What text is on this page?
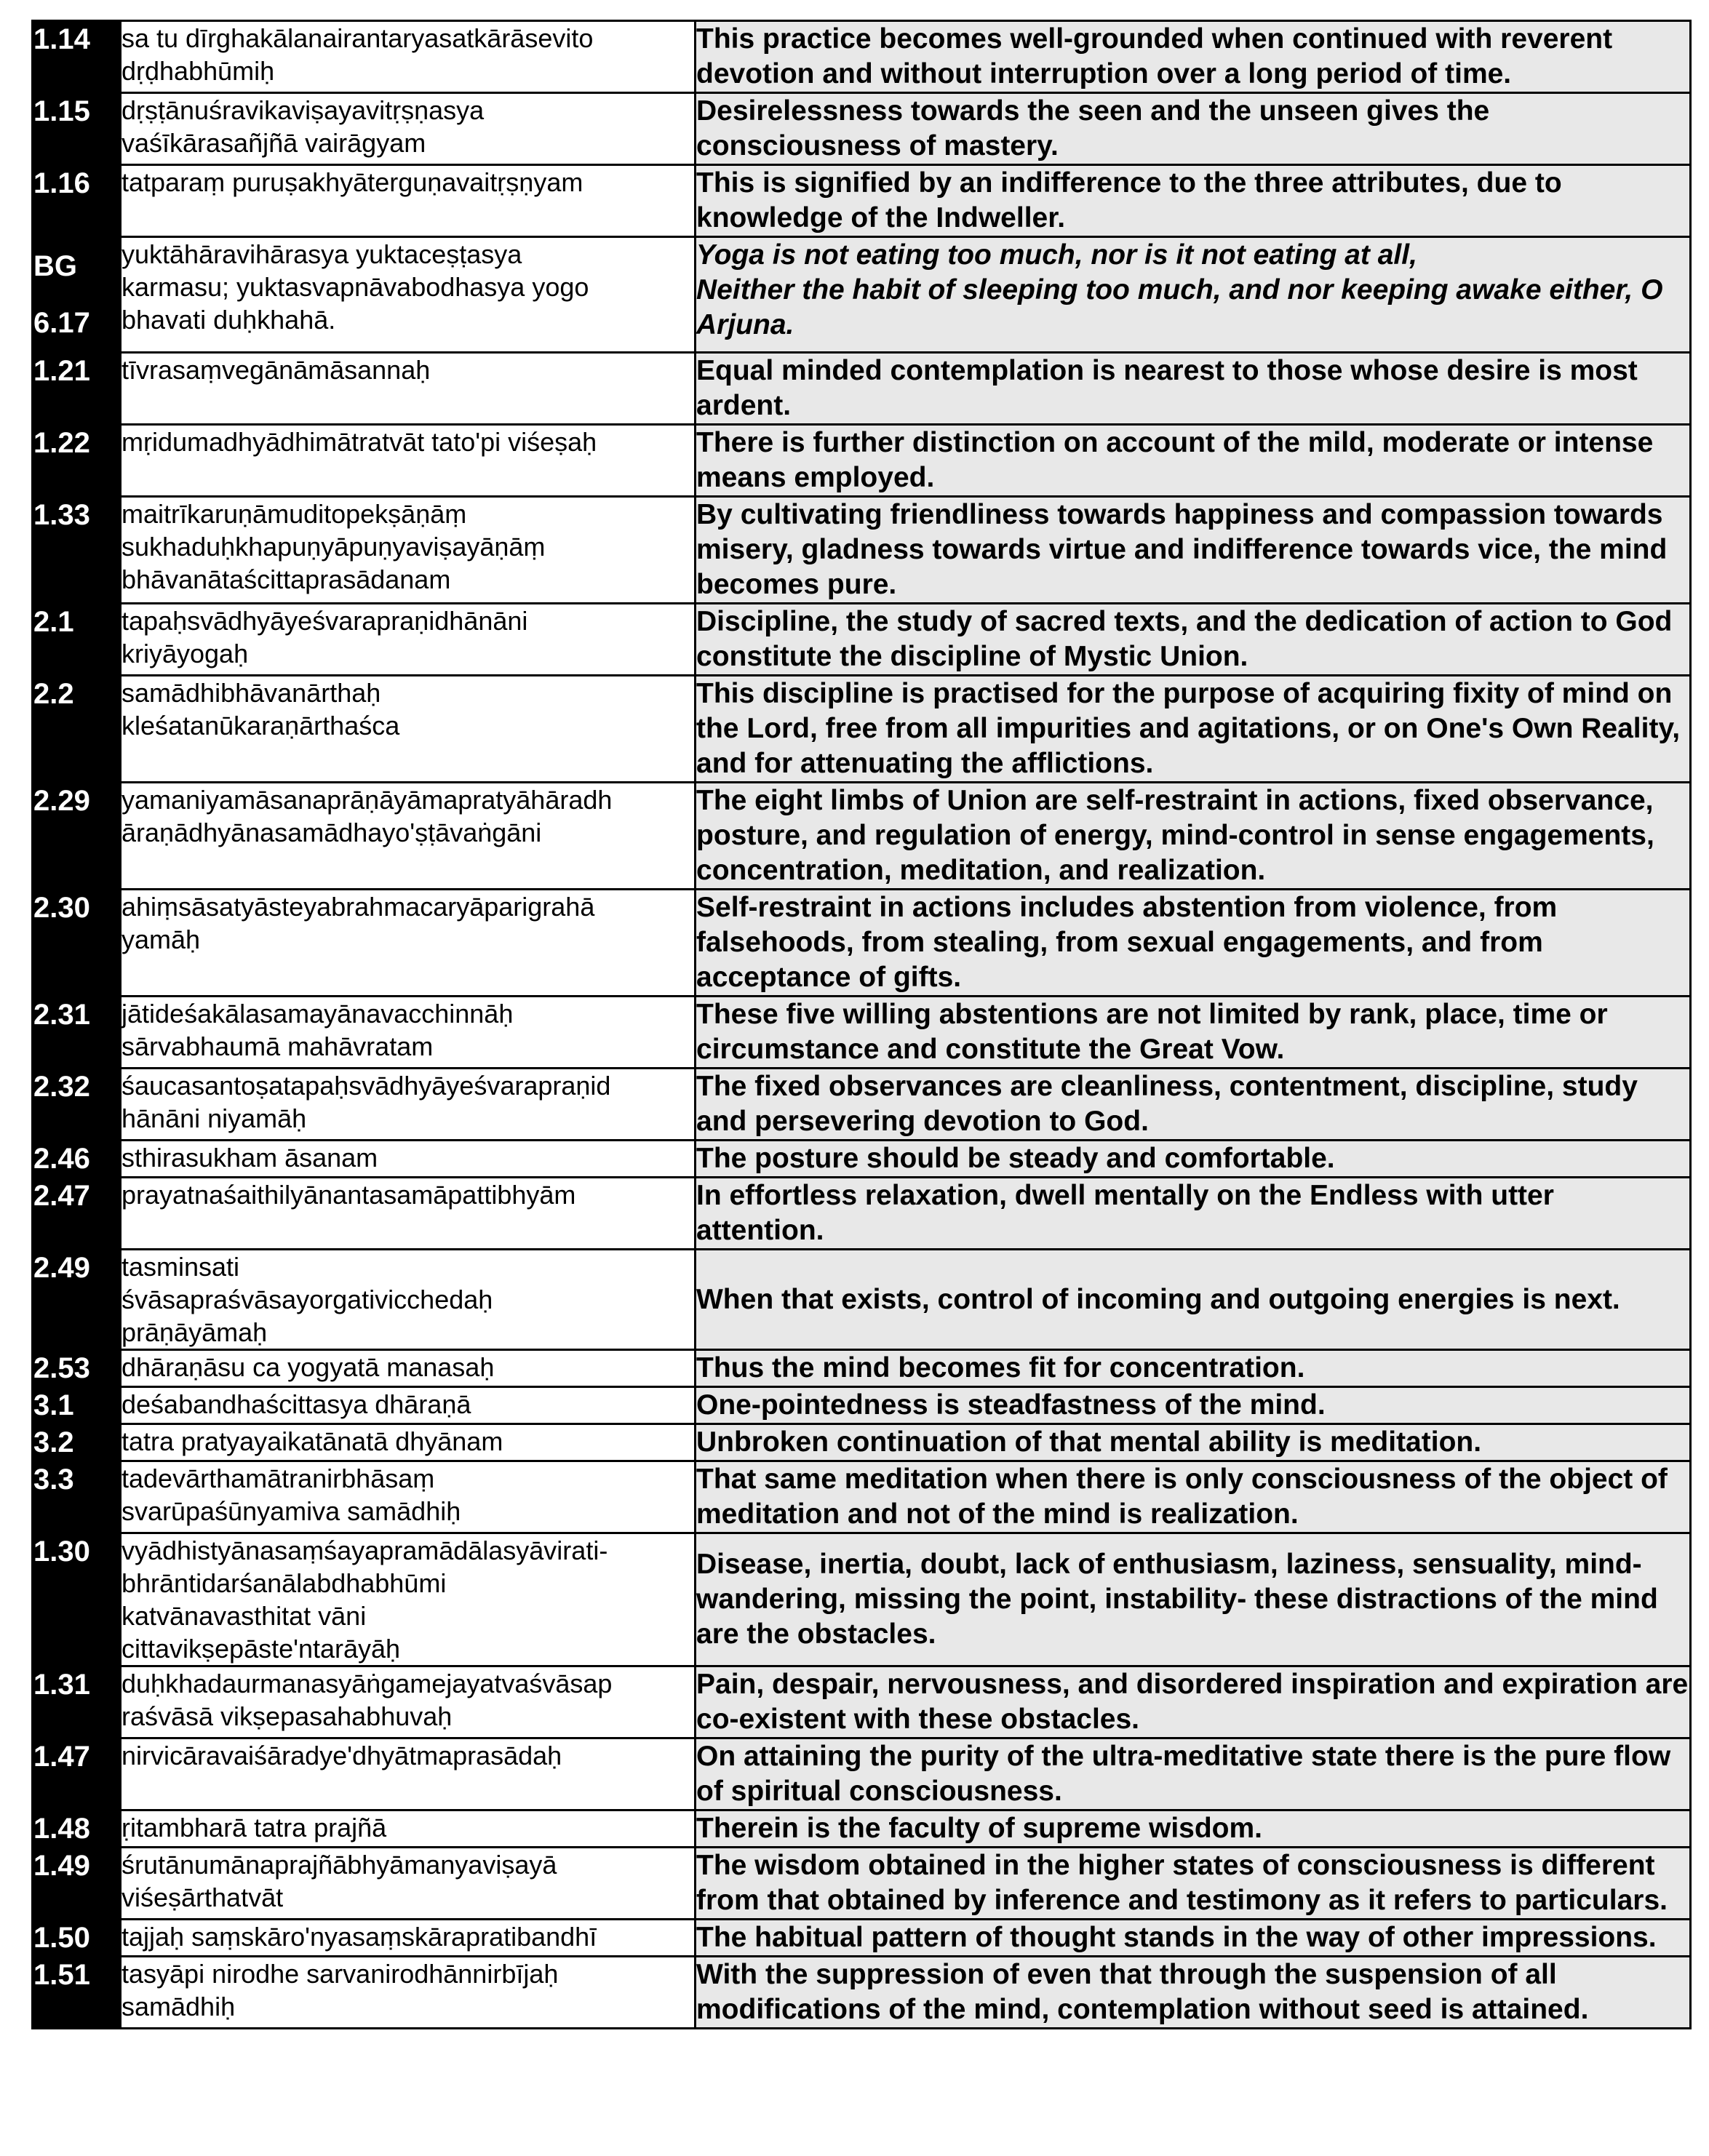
1.14	sa tu dīrghakālanairantaryasatkārāsevito
dṛḍhabhūmiḥ	This practice becomes well-grounded when continued with reverent devotion and without interruption over a long period of time.

1.15	dṛṣṭānuśravikaviṣayavitṛṣṇasya
vaśīkārasañjñā vairāgyam	Desirelessness towards the seen and the unseen gives the consciousness of mastery.

1.16	tatparaṃ puruṣakhyāterguṇavaitṛṣṇyam	This is signified by an indifference to the three attributes, due to knowledge of the Indweller.

BG
6.17	yuktāhāravihārasya yuktaceṣṭasya
karmasu; yuktasvapnāvabodhasya yogo
bhavati duḥkhahā.	Yoga is not eating too much, nor is it not eating at all,
Neither the habit of sleeping too much, and nor keeping awake either, O Arjuna.

1.21	tīvrasaṃvegānāmāsannaḥ	Equal minded contemplation is nearest to those whose desire is most ardent.

1.22	mṛidumadhyādhimātratvāt tato'pi viśeṣaḥ	There is further distinction on account of the mild, moderate or intense means employed.

1.33	maitrīkaruṇāmuditopekṣāṇāṃ
sukhaduḥkhapuṇyāpuṇyaviṣayāṇāṃ
bhāvanātaścittaprasādanam	By cultivating friendliness towards happiness and compassion towards misery, gladness towards virtue and indifference towards vice, the mind becomes pure.

2.1	tapaḥsvādhyāyeśvarapraṇidhānāni
kriyāyogaḥ	Discipline, the study of sacred texts, and the dedication of action to God constitute the discipline of Mystic Union.

2.2	samādhibhāvanārthaḥ
kleśatanūkaraṇārthaśca	This discipline is practised for the purpose of acquiring fixity of mind on the Lord, free from all impurities and agitations, or on One's Own Reality, and for attenuating the afflictions.

2.29	yamaniyamāsanaprāṇāyāmapratyāhāradh
āraṇādhyānasamādhayo'ṣṭāvaṅgāni	The eight limbs of Union are self-restraint in actions, fixed observance, posture, and regulation of energy, mind-control in sense engagements, concentration, meditation, and realization.

2.30	ahiṃsāsatyāsteyabrahmacaryāparigrahā
yamāḥ	Self-restraint in actions includes abstention from violence, from falsehoods, from stealing, from sexual engagements, and from acceptance of gifts.

2.31	jātideśakālasamayānavacchinnāḥ
sārvabhaumā mahāvratam	These five willing abstentions are not limited by rank, place, time or circumstance and constitute the Great Vow.

2.32	śaucasantoṣatapaḥsvādhyāyeśvarapraṇid
hānāni niyamāḥ	The fixed observances are cleanliness, contentment, discipline, study and persevering devotion to God.

2.46	sthirasukham āsanam	The posture should be steady and comfortable.

2.47	prayatnaśaithilyānantasamāpattibhyām	In effortless relaxation, dwell mentally on the Endless with utter attention.

2.49	tasminsati
śvāsapraśvāsayorgativicchedaḥ
prāṇāyāmaḥ	When that exists, control of incoming and outgoing energies is next.

2.53	dhāraṇāsu ca yogyatā manasaḥ	Thus the mind becomes fit for concentration.

3.1	deśabandhaścittasya dhāraṇā	One-pointedness is steadfastness of the mind.

3.2	tatra pratyayaikatānatā dhyānam	Unbroken continuation of that mental ability is meditation.

3.3	tadevārthamātranirbhāsaṃ
svarūpaśūnyamiva samādhiḥ	That same meditation when there is only consciousness of the object of meditation and not of the mind is realization.

1.30	vyādhistyānasaṃśayapramādālasyāvirati-
bhrāntidarśanālabdhabhūmi
katvānavasthitat vāni
cittavikṣepāste'ntarāyāḥ	Disease, inertia, doubt, lack of enthusiasm, laziness, sensuality, mind-wandering, missing the point, instability- these distractions of the mind are the obstacles.

1.31	duḥkhadaurmanasyāṅgamejayatvaśvāsap
raśvāsā vikṣepasahabhuvaḥ	Pain, despair, nervousness, and disordered inspiration and expiration are co-existent with these obstacles.

1.47	nirvicāravaiśāradye'dhyātmaprasādaḥ	On attaining the purity of the ultra-meditative state there is the pure flow of spiritual consciousness.

1.48	ṛitambharā tatra prajñā	Therein is the faculty of supreme wisdom.

1.49	śrutānumānaprajñābhyāmanyaviṣayā
viśeṣārthatvāt	The wisdom obtained in the higher states of consciousness is different from that obtained by inference and testimony as it refers to particulars.

1.50	tajjaḥ saṃskāro'nyasaṃskārapratibandhī	The habitual pattern of thought stands in the way of other impressions.

1.51	tasyāpi nirodhe sarvanirodhānnirbījaḥ
samādhiḥ	With the suppression of even that through the suspension of all modifications of the mind, contemplation without seed is attained.
